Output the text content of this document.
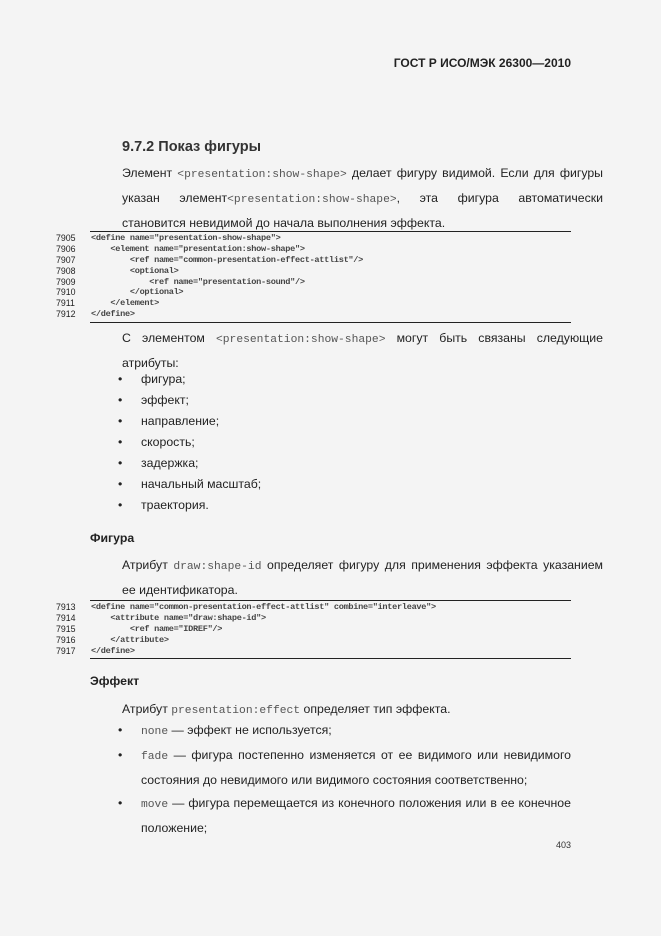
ГОСТ Р ИСО/МЭК 26300—2010
9.7.2 Показ фигуры
Элемент <presentation:show-shape> делает фигуру видимой. Если для фигуры указан элемент<presentation:show-shape>, эта фигура автоматически становится невидимой до начала выполнения эффекта.
7905	<define name="presentation-show-shape">
7906	<element name="presentation:show-shape">
7907	<ref name="common-presentation-effect-attlist"/>
7908	<optional>
7909	<ref name="presentation-sound"/>
7910	</optional>
7911	</element>
7912	</define>
С элементом <presentation:show-shape> могут быть связаны следующие атрибуты:
• фигура;
• эффект;
• направление;
• скорость;
• задержка;
• начальный масштаб;
• траектория.
Фигура
Атрибут draw:shape-id определяет фигуру для применения эффекта указанием ее идентификатора.
7913	<define name="common-presentation-effect-attlist" combine="interleave">
7914	<attribute name="draw:shape-id">
7915	<ref name="IDREF"/>
7916	</attribute>
7917	</define>
Эффект
Атрибут presentation:effect определяет тип эффекта.
• none — эффект не используется;
• fade — фигура постепенно изменяется от ее видимого или невидимого состояния до невидимого или видимого состояния соответственно;
• move — фигура перемещается из конечного положения или в ее конечное положение;
403
